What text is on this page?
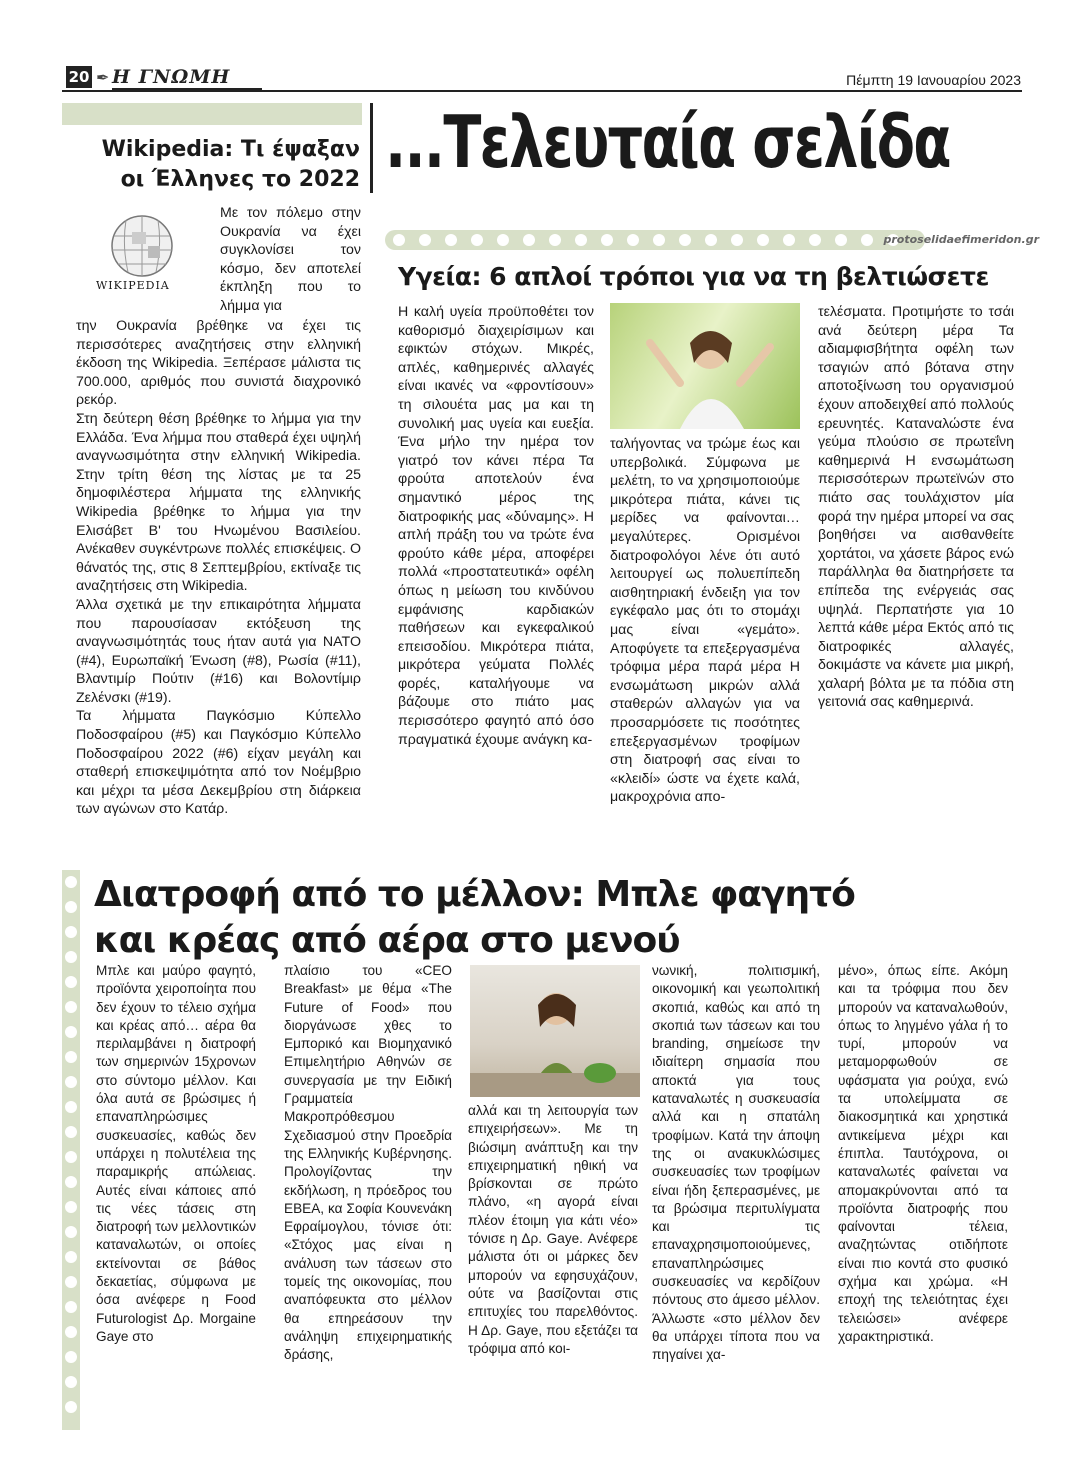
20 ✒ Η ΓΝΩΜΗ	Πέμπτη 19 Ιανουαρίου 2023
...Τελευταία σελίδα
Wikipedia: Τι έψαξαν
οι Έλληνες το 2022
WIKIPEDIA
Με τον πόλεμο στην Ουκρανία να έχει συγκλονίσει τον κόσμο, δεν αποτελεί έκπληξη που το λήμμα για

την Ουκρανία βρέθηκε να έχει τις περισσότερες αναζητήσεις στην ελληνική έκδοση της Wikipedia. Ξεπέρασε μάλιστα τις 700.000, αριθμός που συνιστά διαχρονικό ρεκόρ.

Στη δεύτερη θέση βρέθηκε το λήμμα για την Ελλάδα. Ένα λήμμα που σταθερά έχει υψηλή αναγνωσιμότητα στην ελληνική Wikipedia. Στην τρίτη θέση της λίστας με τα 25 δημοφιλέστερα λήμματα της ελληνικής Wikipedia βρέθηκε το λήμμα για την Ελισάβετ Β' του Ηνωμένου Βασιλείου. Ανέκαθεν συγκέντρωνε πολλές επισκέψεις. Ο θάνατός της, στις 8 Σεπτεμβρίου, εκτίναξε τις αναζητήσεις στη Wikipedia.

Άλλα σχετικά με την επικαιρότητα λήμματα που παρουσίασαν εκτόξευση της αναγνωσιμότητάς τους ήταν αυτά για ΝΑΤΟ (#4), Ευρωπαϊκή Ένωση (#8), Ρωσία (#11), Βλαντιμίρ Πούτιν (#16) και Βολοντίμιρ Ζελένσκι (#19).

Τα λήμματα Παγκόσμιο Κύπελλο Ποδοσφαίρου (#5) και Παγκόσμιο Κύπελλο Ποδοσφαίρου 2022 (#6) είχαν μεγάλη και σταθερή επισκεψιμότητα από τον Νοέμβριο και μέχρι τα μέσα Δεκεμβρίου στη διάρκεια των αγώνων στο Κατάρ.

protoselidaefimeridon.gr
Υγεία: 6 απλοί τρόποι για να τη βελτιώσετε
Η καλή υγεία προϋποθέτει τον καθορισμό διαχειρίσιμων και εφικτών στόχων. Μικρές, απλές, καθημερινές αλλαγές είναι ικανές να «φροντίσουν» τη σιλουέτα μας μα και τη συνολική μας υγεία και ευεξία. Ένα μήλο την ημέρα τον γιατρό τον κάνει πέρα Τα φρούτα αποτελούν ένα σημαντικό μέρος της διατροφικής μας «δύναμης». Η απλή πράξη του να τρώτε ένα φρούτο κάθε μέρα, αποφέρει πολλά «προστατευτικά» οφέλη όπως η μείωση του κινδύνου εμφάνισης καρδιακών παθήσεων και εγκεφαλικού επεισοδίου. Μικρότερα πιάτα, μικρότερα γεύματα Πολλές φορές, καταλήγουμε να βάζουμε στο πιάτο μας περισσότερο φαγητό από όσο πραγματικά έχουμε ανάγκη κα-
ταλήγοντας να τρώμε έως και υπερβολικά. Σύμφωνα με μελέτη, το να χρησιμοποιούμε μικρότερα πιάτα, κάνει τις μερίδες να φαίνονται… μεγαλύτερες. Ορισμένοι διατροφολόγοι λένε ότι αυτό λειτουργεί ως πολυεπίπεδη αισθητηριακή ένδειξη για τον εγκέφαλο μας ότι το στομάχι μας είναι «γεμάτο». Αποφύγετε τα επεξεργασμένα τρόφιμα μέρα παρά μέρα Η ενσωμάτωση μικρών αλλά σταθερών αλλαγών για να προσαρμόσετε τις ποσότητες επεξεργασμένων τροφίμων στη διατροφή σας είναι το «κλειδί» ώστε να έχετε καλά, μακροχρόνια απο-
τελέσματα. Προτιμήστε το τσάι ανά δεύτερη μέρα Τα αδιαμφισβήτητα οφέλη των τσαγιών από βότανα στην αποτοξίνωση του οργανισμού έχουν αποδειχθεί από πολλούς ερευνητές. Καταναλώστε ένα γεύμα πλούσιο σε πρωτεΐνη καθημερινά Η ενσωμάτωση περισσότερων πρωτεϊνών στο πιάτο σας τουλάχιστον μία φορά την ημέρα μπορεί να σας βοηθήσει να αισθανθείτε χορτάτοι, να χάσετε βάρος ενώ παράλληλα θα διατηρήσετε τα επίπεδα της ενέργειάς σας υψηλά. Περπατήστε για 10 λεπτά κάθε μέρα Εκτός από τις διατροφικές αλλαγές, δοκιμάστε να κάνετε μια μικρή, χαλαρή βόλτα με τα πόδια στη γειτονιά σας καθημερινά.
Διατροφή από το μέλλον: Μπλε φαγητό και κρέας από αέρα στο μενού
Μπλε και μαύρο φαγητό, προϊόντα χειροποίητα που δεν έχουν το τέλειο σχήμα και κρέας από… αέρα θα περιλαμβάνει η διατροφή των σημερινών 15χρονων στο σύντομο μέλλον. Και όλα αυτά σε βρώσιμες ή επαναπληρώσιμες συσκευασίες, καθώς δεν υπάρχει η πολυτέλεια της παραμικρής απώλειας. Αυτές είναι κάποιες από τις νέες τάσεις στη διατροφή των μελλοντικών καταναλωτών, οι οποίες εκτείνονται σε βάθος δεκαετίας, σύμφωνα με όσα ανέφερε η Food Futurologist Δρ. Morgaine Gaye στο
πλαίσιο του «CEO Breakfast» με θέμα «The Future of Food» που διοργάνωσε χθες το Εμπορικό και Βιομηχανικό Επιμελητήριο Αθηνών σε συνεργασία με την Ειδική Γραμματεία Μακροπρόθεσμου Σχεδιασμού στην Προεδρία της Ελληνικής Κυβέρνησης. Προλογίζοντας την εκδήλωση, η πρόεδρος του ΕΒΕΑ, κα Σοφία Κουνενάκη Εφραίμογλου, τόνισε ότι: «Στόχος μας είναι η ανάλυση των τάσεων στο τομείς της οικονομίας, που αναπόφευκτα στο μέλλον θα επηρεάσουν την ανάληψη επιχειρηματικής δράσης,
αλλά και τη λειτουργία των επιχειρήσεων». Με τη βιώσιμη ανάπτυξη και την επιχειρηματική ηθική να βρίσκονται σε πρώτο πλάνο, «η αγορά είναι πλέον έτοιμη για κάτι νέο» τόνισε η Δρ. Gaye. Ανέφερε μάλιστα ότι οι μάρκες δεν μπορούν να εφησυχάζουν, ούτε να βασίζονται στις επιτυχίες του παρελθόντος. Η Δρ. Gaye, που εξετάζει τα τρόφιμα από κοι-
νωνική, πολιτισμική, οικονομική και γεωπολιτική σκοπιά, καθώς και από τη σκοπιά των τάσεων και του branding, σημείωσε την ιδιαίτερη σημασία που αποκτά για τους καταναλωτές η συσκευασία αλλά και η σπατάλη τροφίμων. Κατά την άποψη της οι ανακυκλώσιμες συσκευασίες των τροφίμων είναι ήδη ξεπερασμένες, με τα βρώσιμα περιτυλίγματα και τις επαναχρησιμοποιούμενες, επαναπληρώσιμες συσκευασίες να κερδίζουν πόντους στο άμεσο μέλλον. Άλλωστε «στο μέλλον δεν θα υπάρχει τίποτα που να πηγαίνει χα-
μένο», όπως είπε. Ακόμη και τα τρόφιμα που δεν μπορούν να καταναλωθούν, όπως το ληγμένο γάλα ή το τυρί, μπορούν να μεταμορφωθούν σε υφάσματα για ρούχα, ενώ τα υπολείμματα σε διακοσμητικά και χρηστικά αντικείμενα μέχρι και έπιπλα. Ταυτόχρονα, οι καταναλωτές φαίνεται να απομακρύνονται από τα προϊόντα διατροφής που φαίνονται τέλεια, αναζητώντας οτιδήποτε είναι πιο κοντά στο φυσικό σχήμα και χρώμα. «Η εποχή της τελειότητας έχει τελειώσει» ανέφερε χαρακτηριστικά.
